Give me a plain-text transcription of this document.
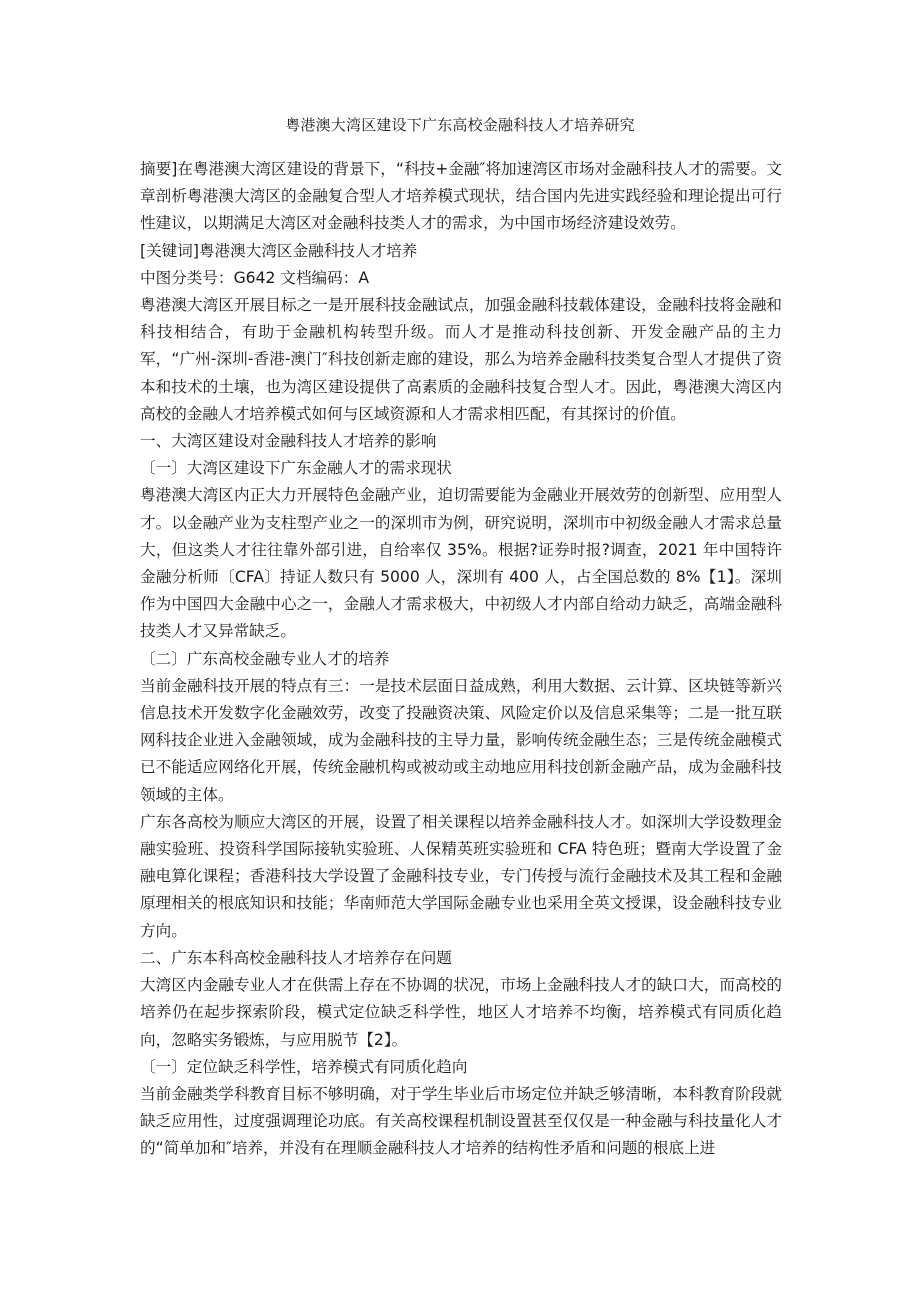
粤港澳大湾区建设下广东高校金融科技人才培养研究

摘要]在粤港澳大湾区建设的背景下，“科技+金融″将加速湾区市场对金融科技人才的需要。文章剖析粤港澳大湾区的金融复合型人才培养模式现状，结合国内先进实践经验和理论提出可行性建议，以期满足大湾区对金融科技类人才的需求，为中国市场经济建设效劳。

[关键词]粤港澳大湾区金融科技人才培养

中图分类号：G642 文档编码：A

粤港澳大湾区开展目标之一是开展科技金融试点，加强金融科技载体建设，金融科技将金融和科技相结合，有助于金融机构转型升级。而人才是推动科技创新、开发金融产品的主力军，“广州-深圳-香港-澳门″科技创新走廊的建设，那么为培养金融科技类复合型人才提供了资本和技术的土壤，也为湾区建设提供了高素质的金融科技复合型人才。因此，粤港澳大湾区内高校的金融人才培养模式如何与区域资源和人才需求相匹配，有其探讨的价值。

一、大湾区建设对金融科技人才培养的影响

〔一〕大湾区建设下广东金融人才的需求现状

粤港澳大湾区内正大力开展特色金融产业，迫切需要能为金融业开展效劳的创新型、应用型人才。以金融产业为支柱型产业之一的深圳市为例，研究说明，深圳市中初级金融人才需求总量大，但这类人才往往靠外部引进，自给率仅 35%。根据?证券时报?调查，2021 年中国特许金融分析师〔CFA〕持证人数只有 5000 人，深圳有 400 人，占全国总数的 8%【1】。深圳作为中国四大金融中心之一，金融人才需求极大，中初级人才内部自给动力缺乏，高端金融科技类人才又异常缺乏。

〔二〕广东高校金融专业人才的培养

当前金融科技开展的特点有三：一是技术层面日益成熟，利用大数据、云计算、区块链等新兴信息技术开发数字化金融效劳，改变了投融资决策、风险定价以及信息采集等；二是一批互联网科技企业进入金融领域，成为金融科技的主导力量，影响传统金融生态；三是传统金融模式已不能适应网络化开展，传统金融机构或被动或主动地应用科技创新金融产品，成为金融科技领域的主体。

广东各高校为顺应大湾区的开展，设置了相关课程以培养金融科技人才。如深圳大学设数理金融实验班、投资科学国际接轨实验班、人保精英班实验班和 CFA 特色班；暨南大学设置了金融电算化课程；香港科技大学设置了金融科技专业，专门传授与流行金融技术及其工程和金融原理相关的根底知识和技能；华南师范大学国际金融专业也采用全英文授课，设金融科技专业方向。

二、广东本科高校金融科技人才培养存在问题

大湾区内金融专业人才在供需上存在不协调的状况，市场上金融科技人才的缺口大，而高校的培养仍在起步探索阶段，模式定位缺乏科学性，地区人才培养不均衡，培养模式有同质化趋向，忽略实务锻炼，与应用脱节【2】。

〔一〕定位缺乏科学性，培养模式有同质化趋向

当前金融类学科教育目标不够明确，对于学生毕业后市场定位并缺乏够清晰，本科教育阶段就缺乏应用性，过度强调理论功底。有关高校课程机制设置甚至仅仅是一种金融与科技量化人才的“简单加和″培养，并没有在理顺金融科技人才培养的结构性矛盾和问题的根底上进
